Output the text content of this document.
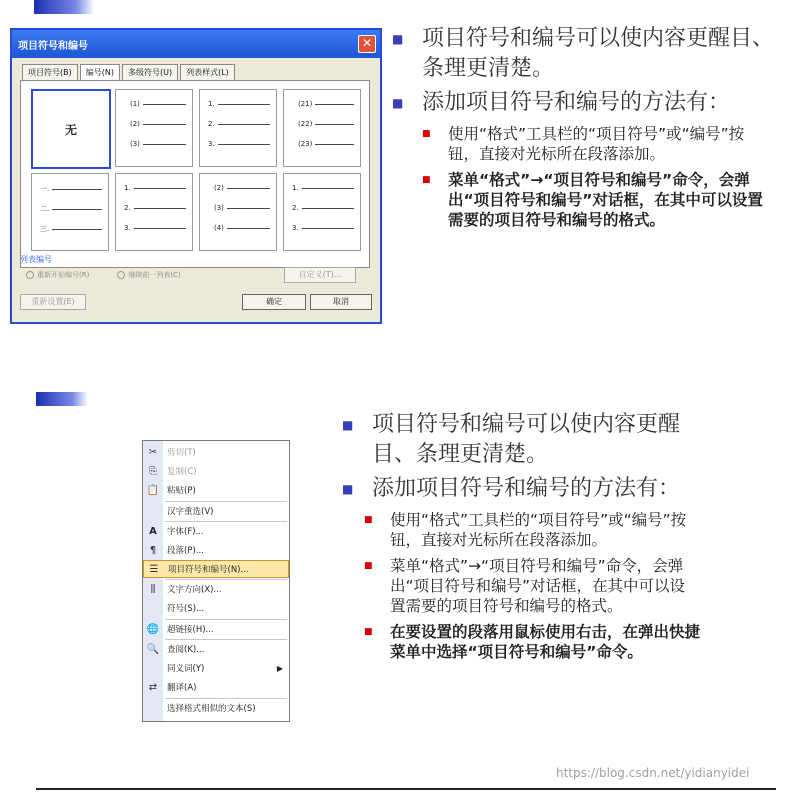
项目符号和编号	✕
项目符号(B)	编号(N)	多级符号(U)	列表样式(L)
无
(1)
(2)
(3)
1.
2.
3.
(21)
(22)
(23)
一.
二.
三.
1.
2.
3.
(2)
(3)
(4)
1.
2.
3.
列表编号
重新开始编号(R)	继续前一列表(C)	自定义(T)...
重新设置(E)	确定	取消
■ 项目符号和编号可以使内容更醒目、条理更清楚。
■ 添加项目符号和编号的方法有：
■	使用“格式”工具栏的“项目符号”或“编号”按钮，直接对光标所在段落添加。
■	菜单“格式”→“项目符号和编号”命令，会弹出“项目符号和编号”对话框，在其中可以设置需要的项目符号和编号的格式。
✂	剪切(T)
⎘	复制(C)
📋 粘贴(P)
汉字重选(V)
A	字体(F)...
¶	段落(P)...
☰	项目符号和编号(N)...
⫼	文字方向(X)...
符号(S)...
🌐 超链接(H)...
🔍 查阅(K)...
同义词(Y)	▶
⇄	翻译(A)
选择格式相似的文本(S)
■ 项目符号和编号可以使内容更醒目、条理更清楚。
■ 添加项目符号和编号的方法有：
■	使用“格式”工具栏的“项目符号”或“编号”按钮，直接对光标所在段落添加。
■	菜单“格式”→“项目符号和编号”命令，会弹出“项目符号和编号”对话框，在其中可以设置需要的项目符号和编号的格式。
■	在要设置的段落用鼠标使用右击，在弹出快捷菜单中选择“项目符号和编号”命令。
https://blog.csdn.net/yidianyidei
